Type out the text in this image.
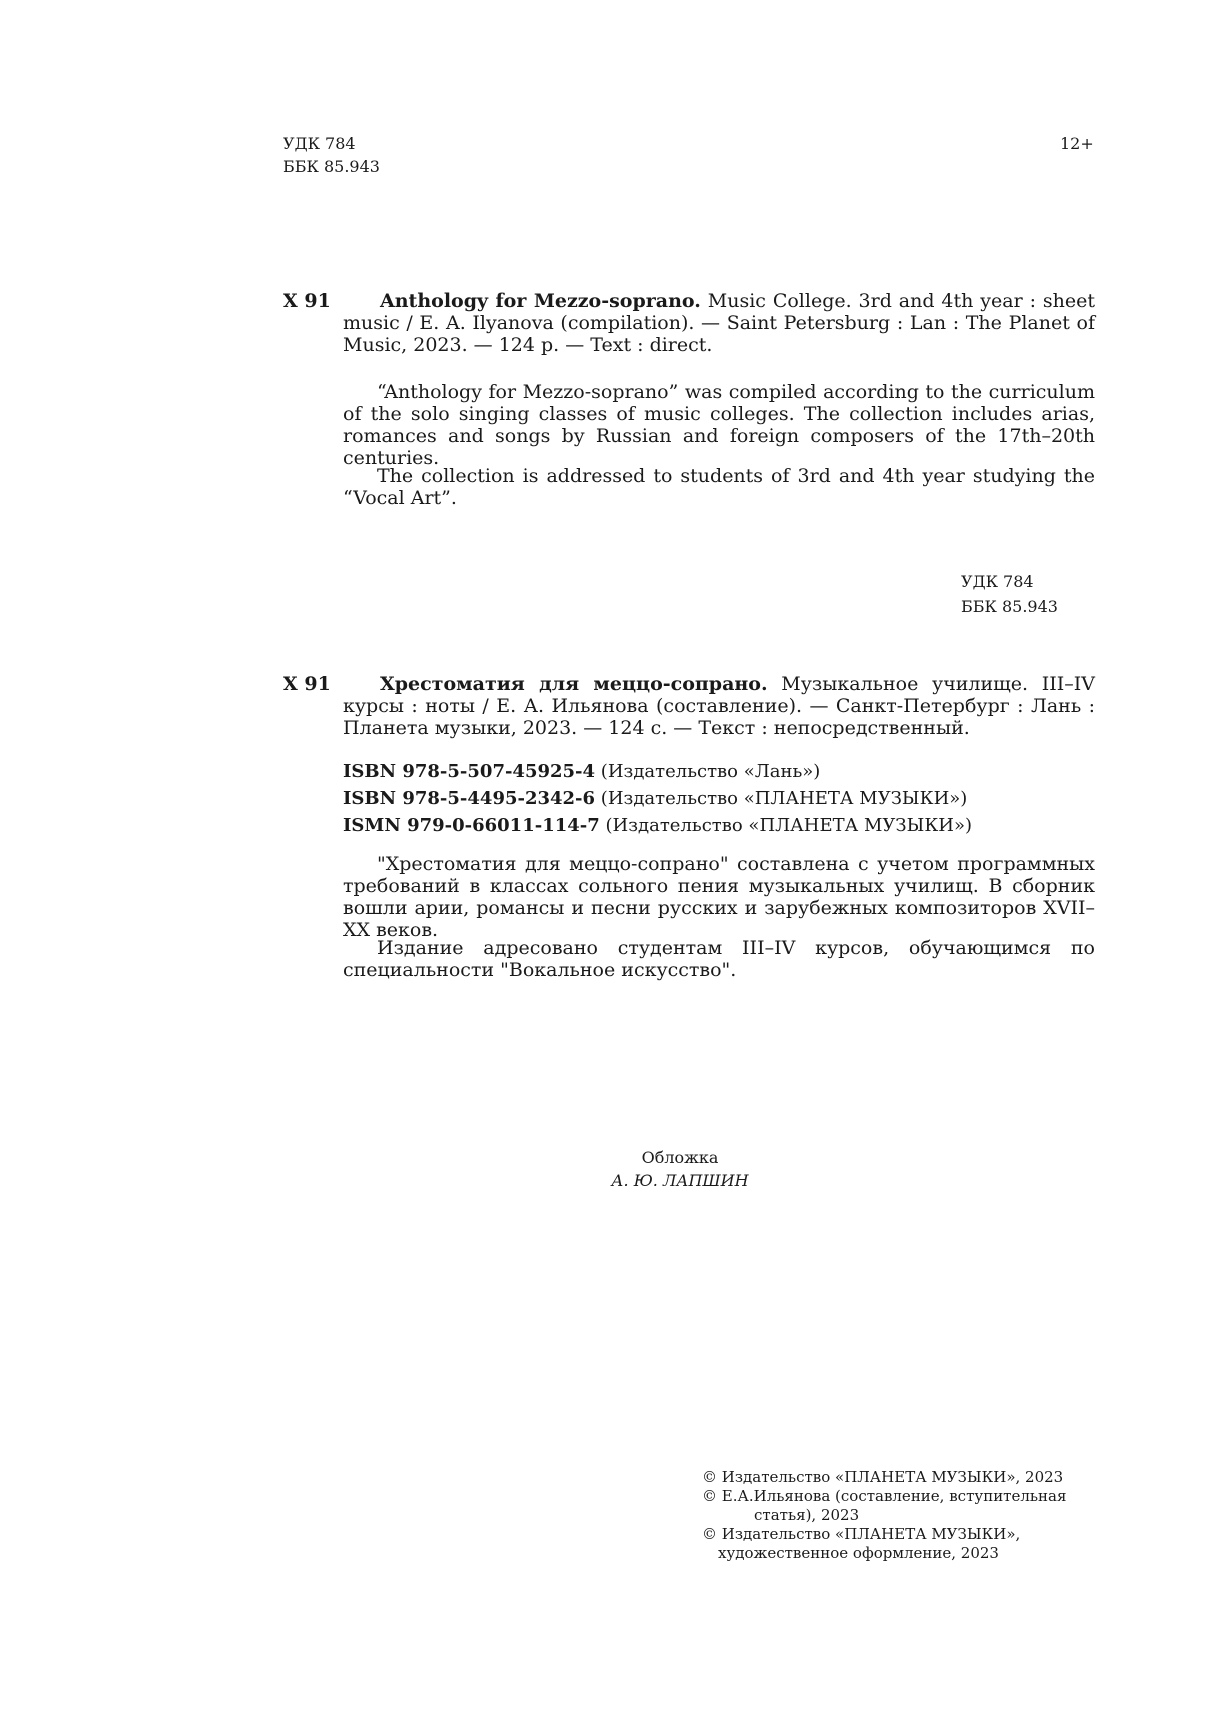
УДК 784
ББК 85.943
12+
Х 91	Anthology for Mezzo-soprano. Music College. 3rd and 4th year : sheet music / E. A. Ilyanova (compilation). — Saint Petersburg : Lan : The Planet of Music, 2023. — 124 p. — Text : direct.
“Anthology for Mezzo-soprano” was compiled according to the curriculum of the solo singing classes of music colleges. The collection includes arias, romances and songs by Russian and foreign composers of the 17th–20th centuries.
The collection is addressed to students of 3rd and 4th year studying the “Vocal Art”.
УДК 784
ББК 85.943
Х 91	Хрестоматия для меццо-сопрано. Музыкальное училище. III–IV курсы : ноты / Е. А. Ильянова (составление). — Санкт-Петербург : Лань : Планета музыки, 2023. — 124 с. — Текст : непосредственный.
ISBN 978-5-507-45925-4 (Издательство «Лань»)
ISBN 978-5-4495-2342-6 (Издательство «ПЛАНЕТА МУЗЫКИ»)
ISMN 979-0-66011-114-7 (Издательство «ПЛАНЕТА МУЗЫКИ»)
"Хрестоматия для меццо-сопрано" составлена с учетом программных требований в классах сольного пения музыкальных училищ. В сборник вошли арии, романсы и песни русских и зарубежных композиторов XVII–XX веков.
Издание адресовано студентам III–IV курсов, обучающимся по специальности "Вокальное искусство".
Обложка
А. Ю. ЛАПШИН
© Издательство «ПЛАНЕТА МУЗЫКИ», 2023
© Е.А.Ильянова (составление, вступительная статья), 2023
© Издательство «ПЛАНЕТА МУЗЫКИ», художественное оформление, 2023
